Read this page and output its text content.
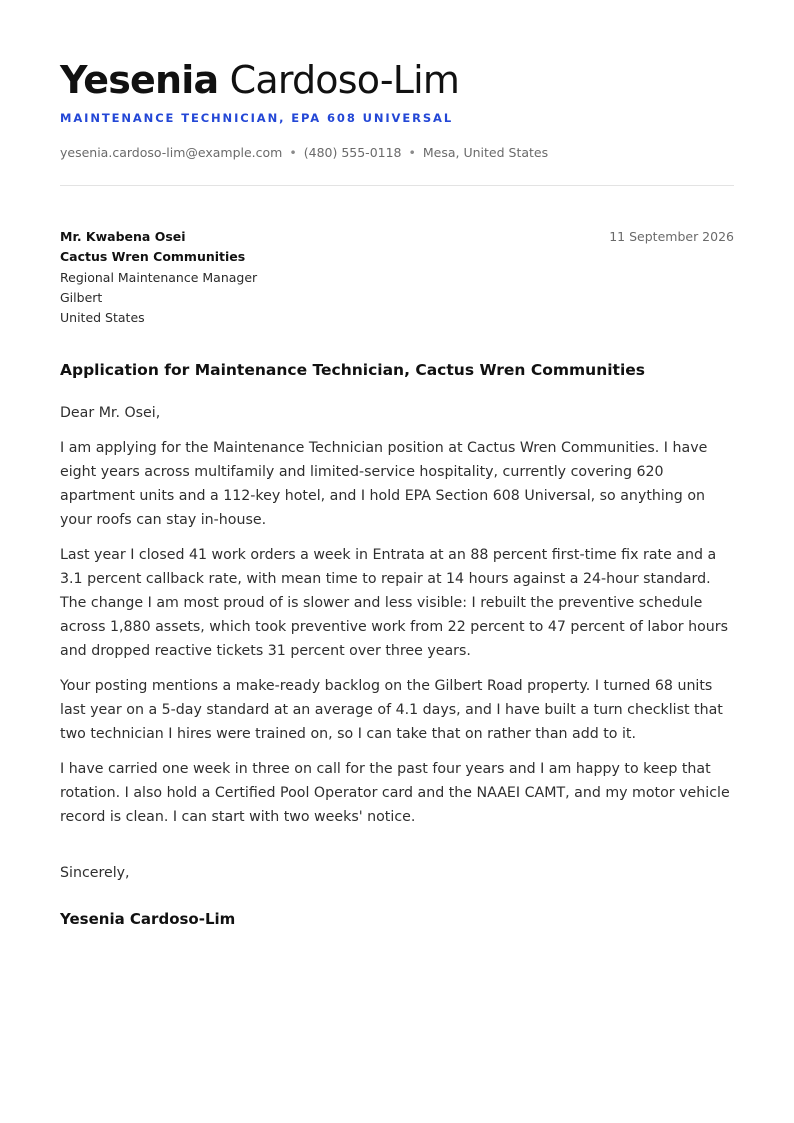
Yesenia Cardoso-Lim
MAINTENANCE TECHNICIAN, EPA 608 UNIVERSAL
yesenia.cardoso-lim@example.com • (480) 555-0118 • Mesa, United States
Mr. Kwabena Osei
Cactus Wren Communities
Regional Maintenance Manager
Gilbert
United States
11 September 2026
Application for Maintenance Technician, Cactus Wren Communities

Dear Mr. Osei,

I am applying for the Maintenance Technician position at Cactus Wren Communities. I have eight years across multifamily and limited-service hospitality, currently covering 620 apartment units and a 112-key hotel, and I hold EPA Section 608 Universal, so anything on your roofs can stay in-house.

Last year I closed 41 work orders a week in Entrata at an 88 percent first-time fix rate and a 3.1 percent callback rate, with mean time to repair at 14 hours against a 24-hour standard. The change I am most proud of is slower and less visible: I rebuilt the preventive schedule across 1,880 assets, which took preventive work from 22 percent to 47 percent of labor hours and dropped reactive tickets 31 percent over three years.

Your posting mentions a make-ready backlog on the Gilbert Road property. I turned 68 units last year on a 5-day standard at an average of 4.1 days, and I have built a turn checklist that two technician I hires were trained on, so I can take that on rather than add to it.

I have carried one week in three on call for the past four years and I am happy to keep that rotation. I also hold a Certified Pool Operator card and the NAAEI CAMT, and my motor vehicle record is clean. I can start with two weeks' notice.

Sincerely,
Yesenia Cardoso-Lim
